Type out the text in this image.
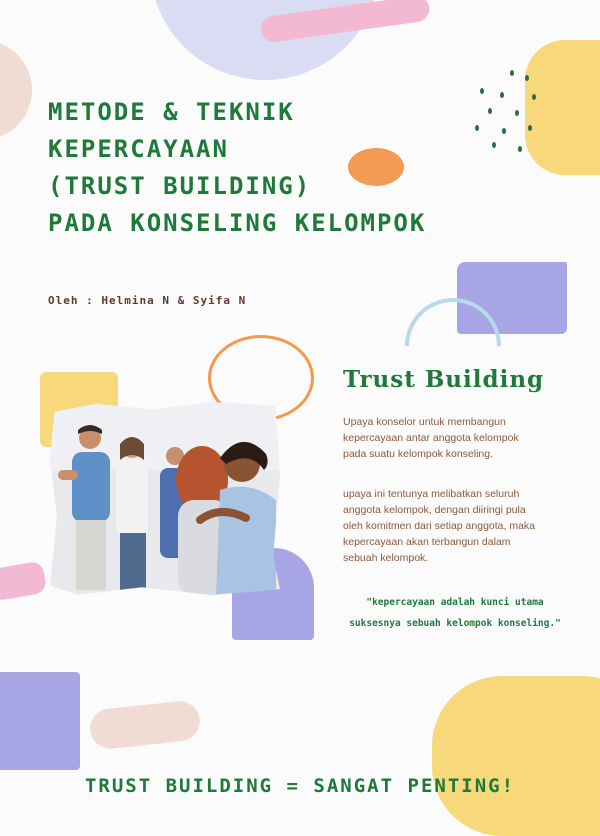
METODE & TEKNIK
KEPERCAYAAN
(TRUST BUILDING)
PADA KONSELING KELOMPOK
Oleh : Helmina N & Syifa N
Trust Building

Upaya konselor untuk membangun kepercayaan antar anggota kelompok pada suatu kelompok konseling.

upaya ini tentunya melibatkan seluruh anggota kelompok, dengan diiringi pula oleh komitmen dari setiap anggota, maka kepercayaan akan terbangun dalam sebuah kelompok.

"kepercayaan adalah kunci utama suksesnya sebuah kelompok konseling."

TRUST BUILDING = SANGAT PENTING!
